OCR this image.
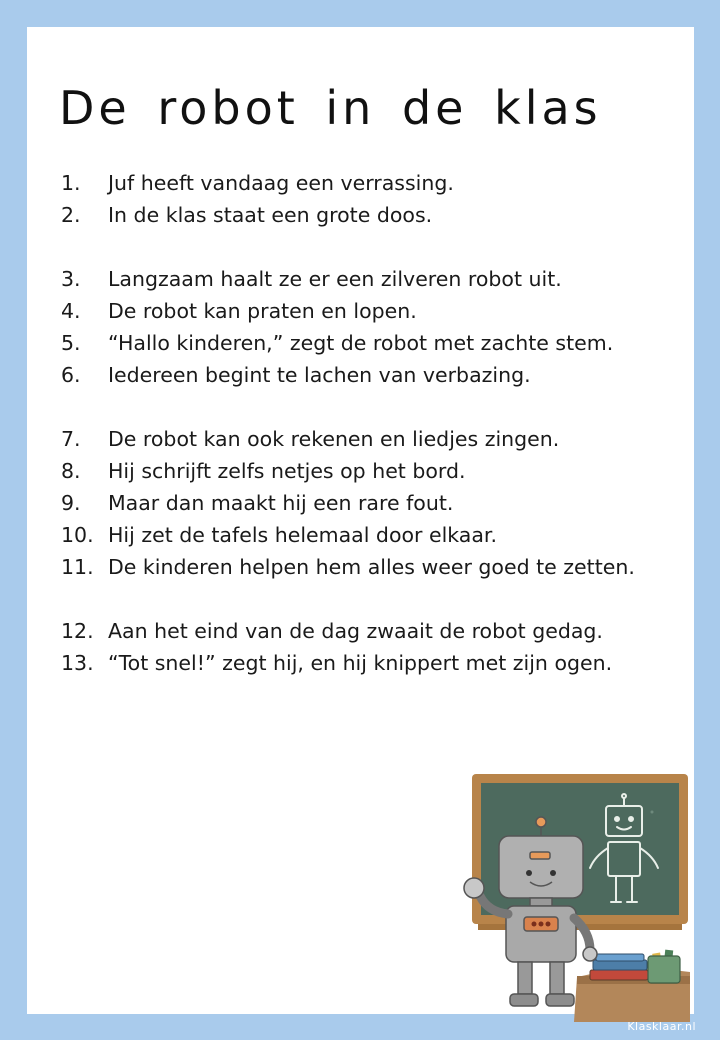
De robot in de klas
1.	Juf heeft vandaag een verrassing.
2.	In de klas staat een grote doos.
3.	Langzaam haalt ze er een zilveren robot uit.
4.	De robot kan praten en lopen.
5.	“Hallo kinderen,” zegt de robot met zachte stem.
6.	Iedereen begint te lachen van verbazing.
7.	De robot kan ook rekenen en liedjes zingen.
8.	Hij schrijft zelfs netjes op het bord.
9.	Maar dan maakt hij een rare fout.
10. Hij zet de tafels helemaal door elkaar.
11. De kinderen helpen hem alles weer goed te zetten.
12. Aan het eind van de dag zwaait de robot gedag.
13. “Tot snel!” zegt hij, en hij knippert met zijn ogen.
Klasklaar.nl
